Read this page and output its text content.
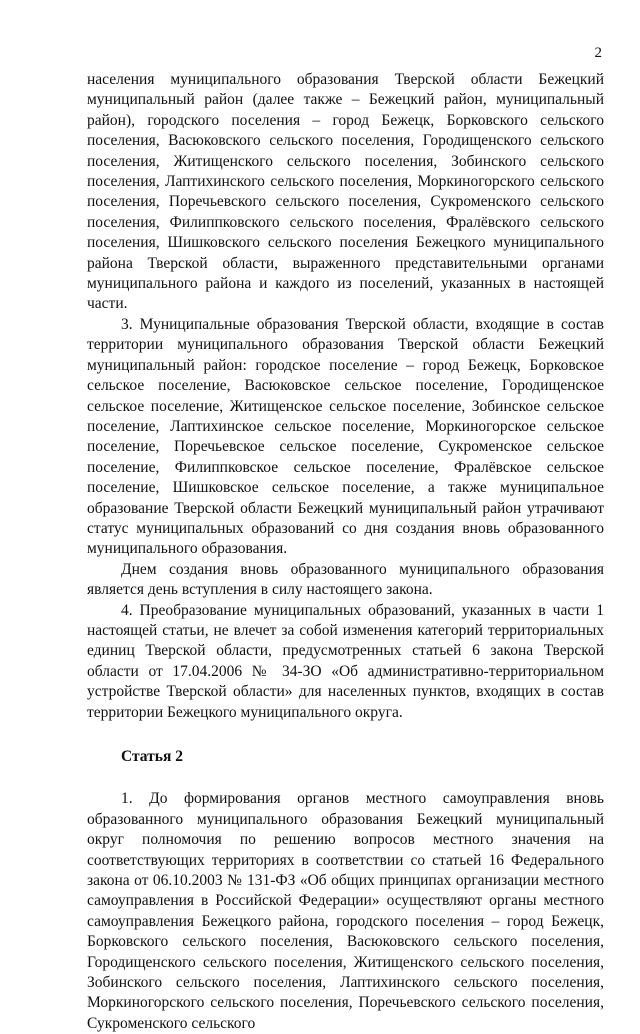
2

населения муниципального образования Тверской области Бежецкий муниципальный район (далее также – Бежецкий район, муниципальный район), городского поселения – город Бежецк, Борковского сельского поселения, Васюковского сельского поселения, Городищенского сельского поселения, Житищенского сельского поселения, Зобинского сельского поселения, Лаптихинского сельского поселения, Моркиногорского сельского поселения, Поречьевского сельского поселения, Сукроменского сельского поселения, Филиппковского сельского поселения, Фралёвского сельского поселения, Шишковского сельского поселения Бежецкого муниципального района Тверской области, выраженного представительными органами муниципального района и каждого из поселений, указанных в настоящей части.

3. Муниципальные образования Тверской области, входящие в состав территории муниципального образования Тверской области Бежецкий муниципальный район: городское поселение – город Бежецк, Борковское сельское поселение, Васюковское сельское поселение, Городищенское сельское поселение, Житищенское сельское поселение, Зобинское сельское поселение, Лаптихинское сельское поселение, Моркиногорское сельское поселение, Поречьевское сельское поселение, Сукроменское сельское поселение, Филиппковское сельское поселение, Фралёвское сельское поселение, Шишковское сельское поселение, а также муниципальное образование Тверской области Бежецкий муниципальный район утрачивают статус муниципальных образований со дня создания вновь образованного муниципального образования.

Днем создания вновь образованного муниципального образования является день вступления в силу настоящего закона.

4. Преобразование муниципальных образований, указанных в части 1 настоящей статьи, не влечет за собой изменения категорий территориальных единиц Тверской области, предусмотренных статьей 6 закона Тверской области от 17.04.2006 № 34-ЗО «Об административно-территориальном устройстве Тверской области» для населенных пунктов, входящих в состав территории Бежецкого муниципального округа.

Статья 2

1. До формирования органов местного самоуправления вновь образованного муниципального образования Бежецкий муниципальный округ полномочия по решению вопросов местного значения на соответствующих территориях в соответствии со статьей 16 Федерального закона от 06.10.2003 № 131-ФЗ «Об общих принципах организации местного самоуправления в Российской Федерации» осуществляют органы местного самоуправления Бежецкого района, городского поселения – город Бежецк, Борковского сельского поселения, Васюковского сельского поселения, Городищенского сельского поселения, Житищенского сельского поселения, Зобинского сельского поселения, Лаптихинского сельского поселения, Моркиногорского сельского поселения, Поречьевского сельского поселения, Сукроменского сельского
